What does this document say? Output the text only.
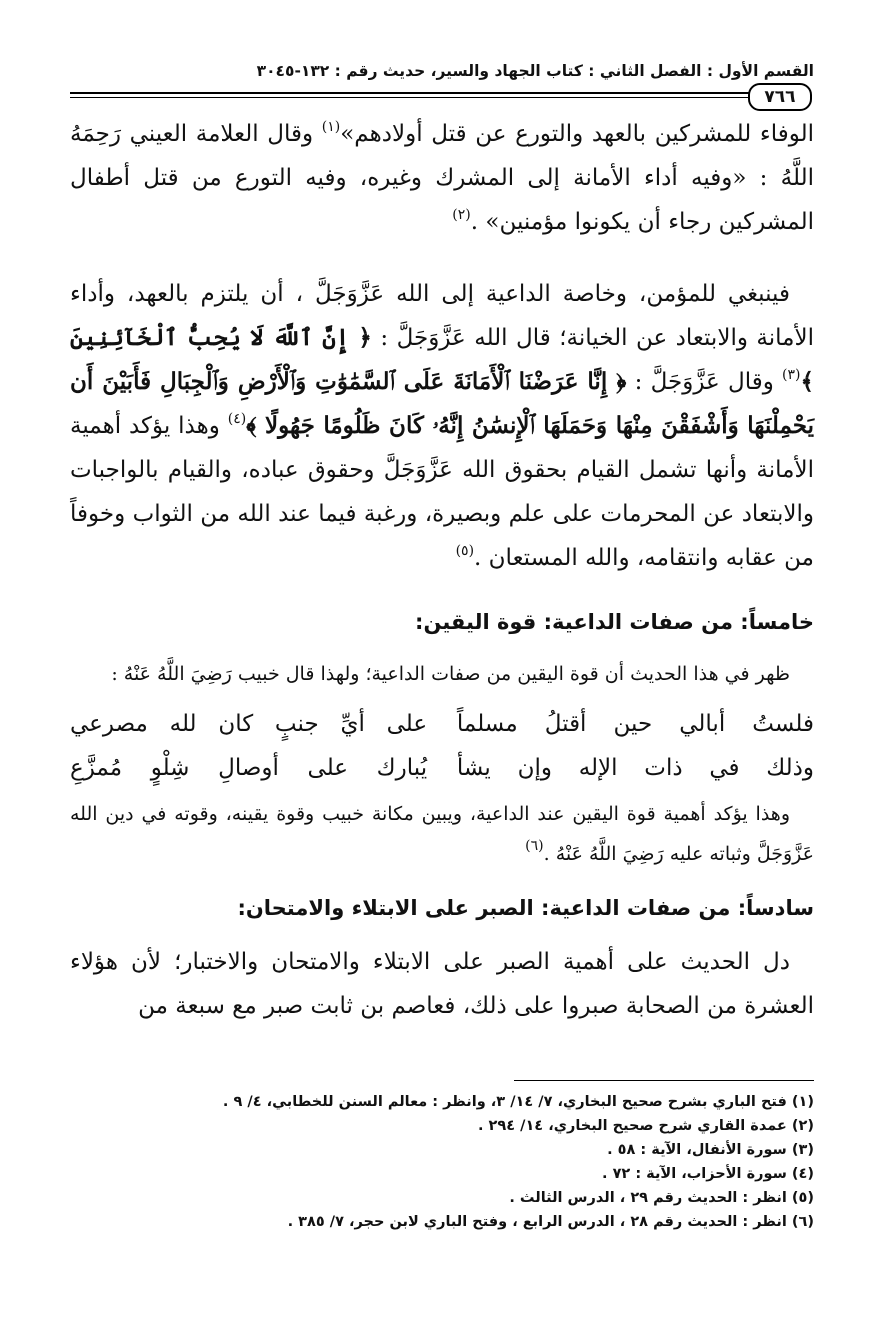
القسم الأول : الفصل الثاني : كتاب الجهاد والسير، حديث رقم : ١٣٢-٣٠٤٥
٧٦٦

الوفاء للمشركين بالعهد والتورع عن قتل أولادهم»$^{(١)}$ وقال العلامة العيني رَحِمَهُ اللَّهُ : «وفيه أداء الأمانة إلى المشرك وغيره، وفيه التورع من قتل أطفال المشركين رجاء أن يكونوا مؤمنين» .$^{(٢)}$

فينبغي للمؤمن، وخاصة الداعية إلى الله عَزَّوَجَلَّ ، أن يلتزم بالعهد، وأداء الأمانة والابتعاد عن الخيانة؛ قال الله عَزَّوَجَلَّ : ﴿ إِنَّ ٱللَّهَ لَا يُحِبُّ ٱلْخَآئِنِينَ ﴾$^{(٣)}$ وقال عَزَّوَجَلَّ : ﴿ إِنَّا عَرَضْنَا ٱلْأَمَانَةَ عَلَى ٱلسَّمَٰوَٰتِ وَٱلْأَرْضِ وَٱلْجِبَالِ فَأَبَيْنَ أَن يَحْمِلْنَهَا وَأَشْفَقْنَ مِنْهَا وَحَمَلَهَا ٱلْإِنسَٰنُ إِنَّهُۥ كَانَ ظَلُومًا جَهُولًا ﴾$^{(٤)}$ وهذا يؤكد أهمية الأمانة وأنها تشمل القيام بحقوق الله عَزَّوَجَلَّ وحقوق عباده، والقيام بالواجبات والابتعاد عن المحرمات على علم وبصيرة، ورغبة فيما عند الله من الثواب وخوفاً من عقابه وانتقامه، والله المستعان .$^{(٥)}$

خامساً: من صفات الداعية: قوة اليقين:

ظهر في هذا الحديث أن قوة اليقين من صفات الداعية؛ ولهذا قال خبيب رَضِيَ اللَّهُ عَنْهُ :

فلستُ أبالي حين أقتلُ مسلماً
على أيِّ جنبٍ كان لله مصرعي
وذلك في ذات الإله وإن يشأ
يُبارك على أوصالِ شِلْوٍ مُمزَّعِ

وهذا يؤكد أهمية قوة اليقين عند الداعية، ويبين مكانة خبيب وقوة يقينه، وقوته في دين الله عَزَّوَجَلَّ وثباته عليه رَضِيَ اللَّهُ عَنْهُ .$^{(٦)}$

سادساً: من صفات الداعية: الصبر على الابتلاء والامتحان:

دل الحديث على أهمية الصبر على الابتلاء والامتحان والاختبار؛ لأن هؤلاء العشرة من الصحابة صبروا على ذلك، فعاصم بن ثابت صبر مع سبعة من

(١) فتح الباري بشرح صحيح البخاري، ٧/ ١٤/ ٣، وانظر : معالم السنن للخطابي، ٤/ ٩ .

(٢) عمدة القاري شرح صحيح البخاري، ١٤/ ٢٩٤ .

(٣) سورة الأنفال، الآية : ٥٨ .

(٤) سورة الأحزاب، الآية : ٧٢ .

(٥) انظر : الحديث رقم ٢٩ ، الدرس الثالث .

(٦) انظر : الحديث رقم ٢٨ ، الدرس الرابع ، وفتح الباري لابن حجر، ٧/ ٣٨٥ .
